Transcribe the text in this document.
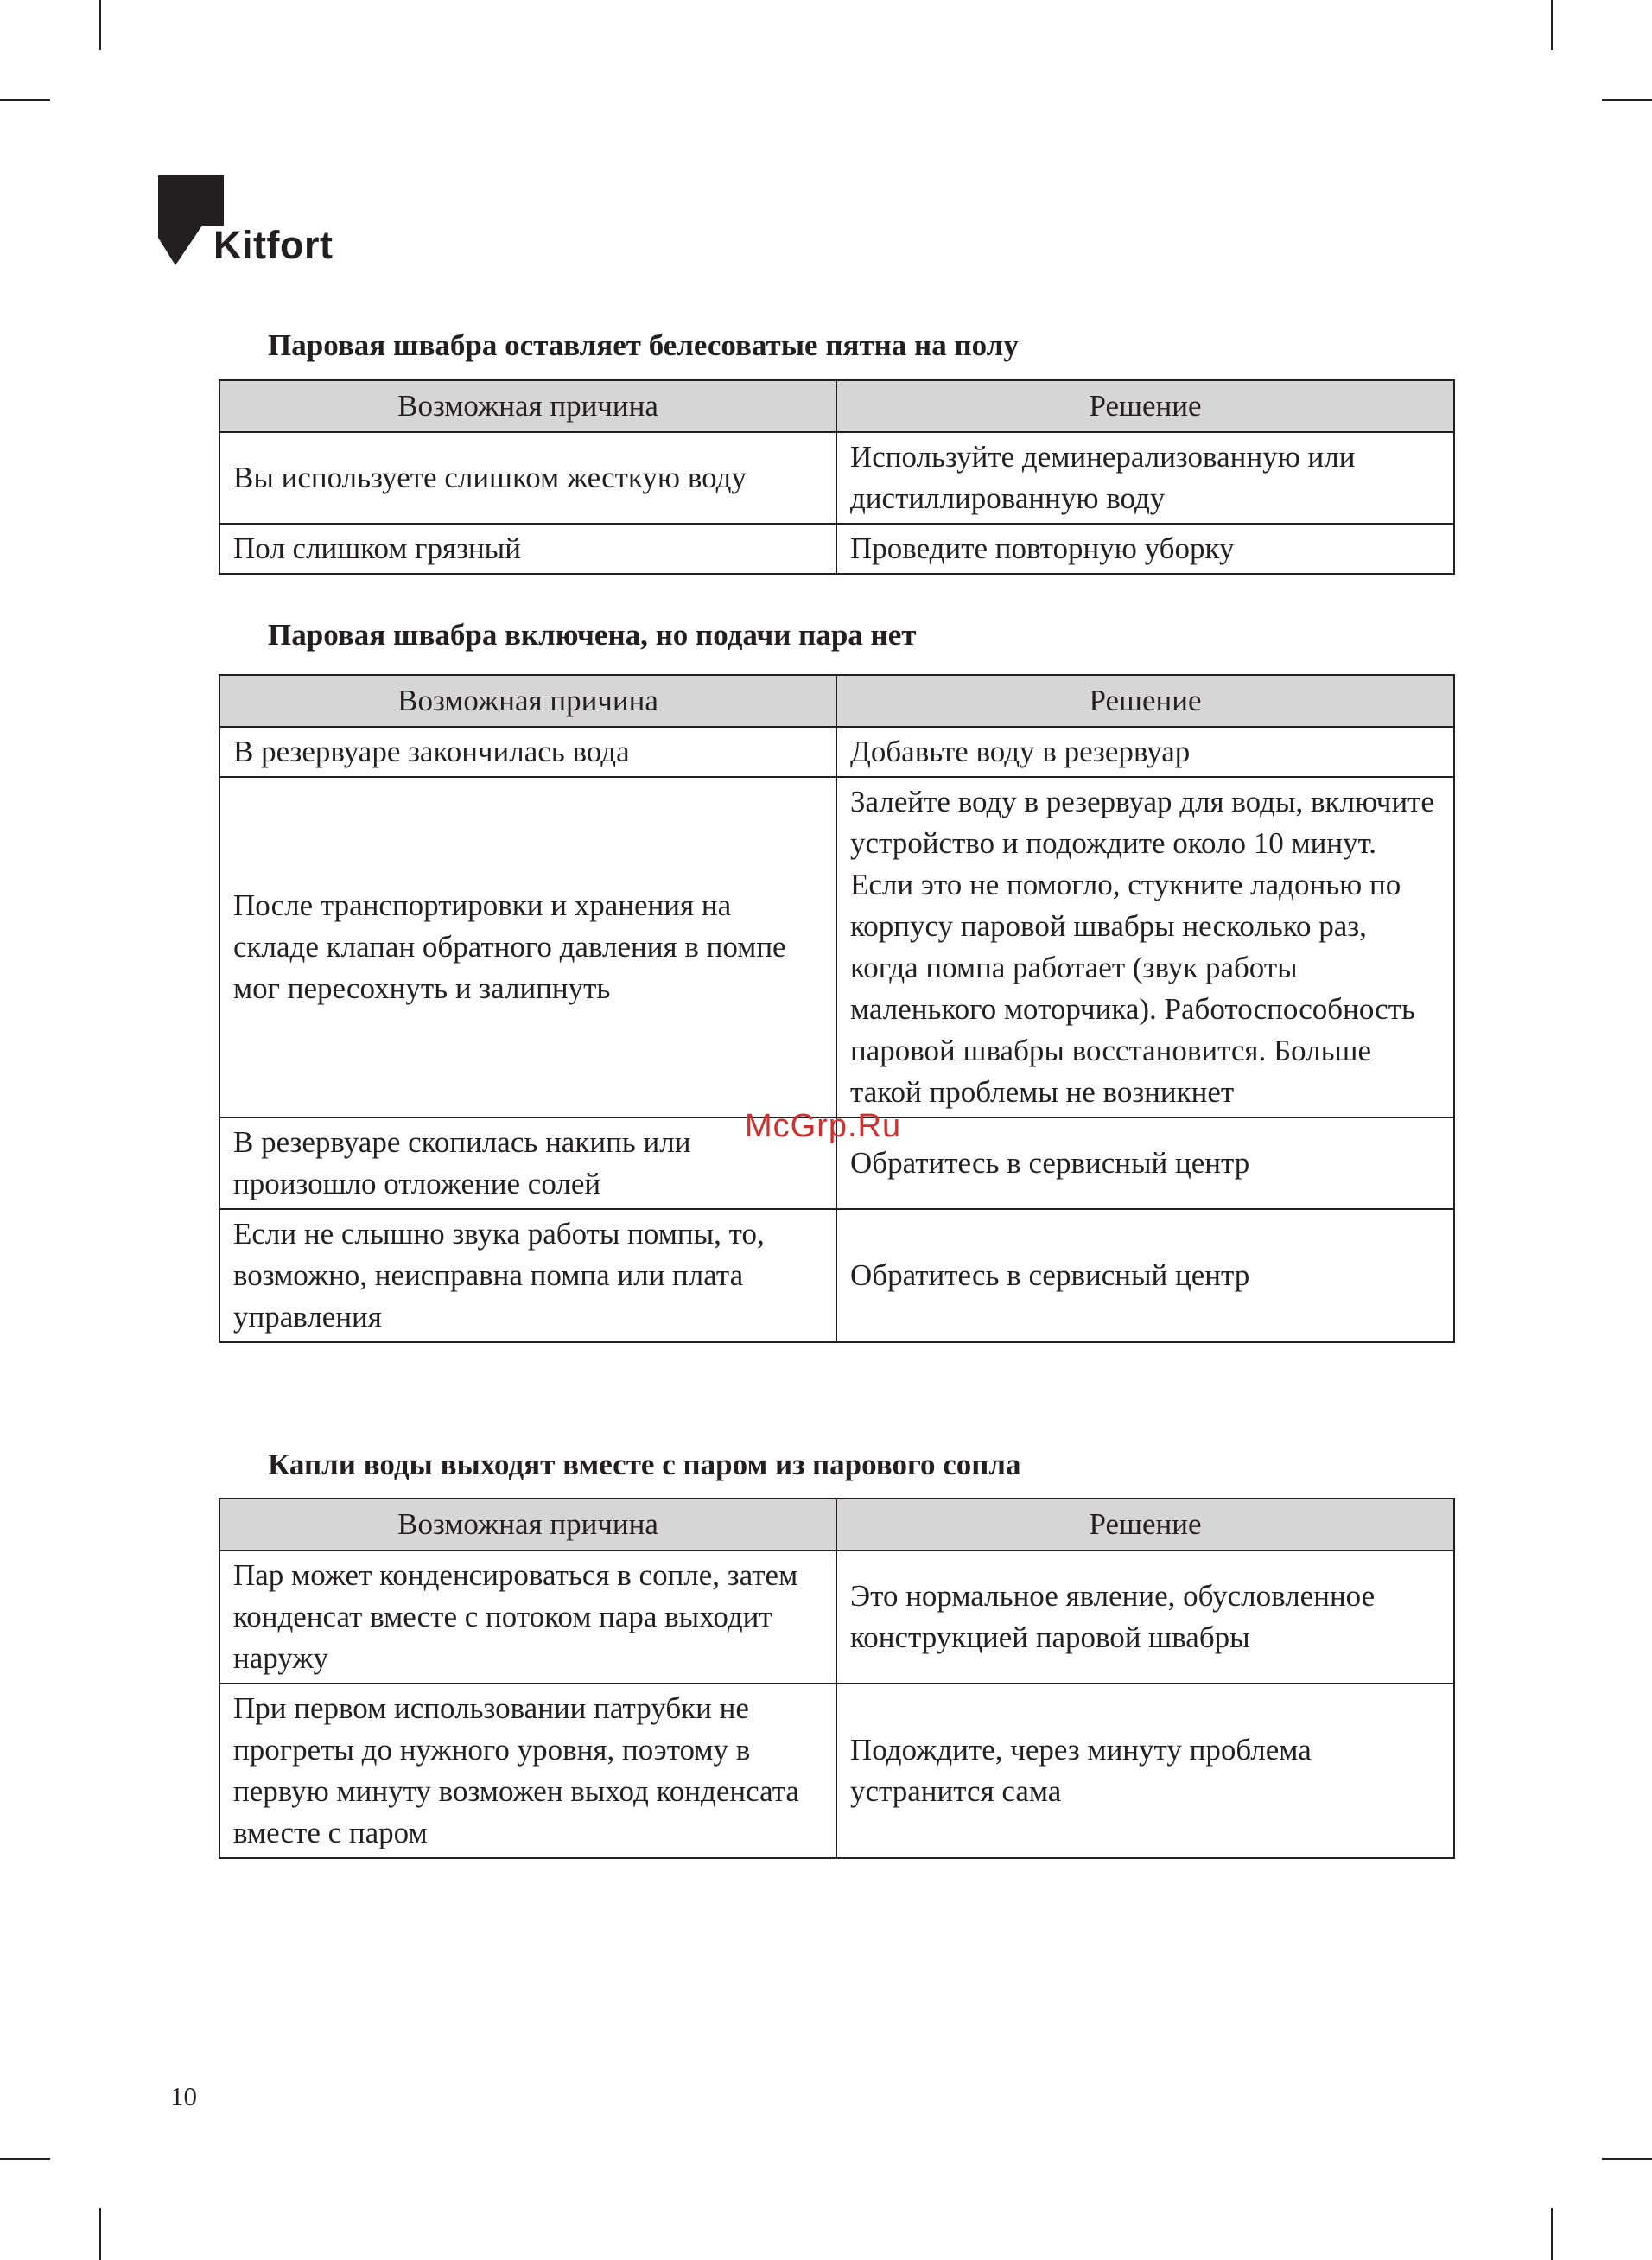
Kitfort
Паровая швабра оставляет белесоватые пятна на полу
Возможная причина	Решение
Вы используете слишком жесткую воду	Используйте деминерализованную или дистиллированную воду
Пол слишком грязный	Проведите повторную уборку
Паровая швабра включена, но подачи пара нет
Возможная причина	Решение
В резервуаре закончилась вода	Добавьте воду в резервуар
После транспортировки и хранения на складе клапан обратного давления в помпе мог пересохнуть и залипнуть	Залейте воду в резервуар для воды, включите устройство и подождите около 10 минут. Если это не помогло, стукните ладонью по корпусу паровой швабры несколько раз, когда помпа работает (звук работы маленького моторчика). Работоспособность паровой швабры восстановится. Больше такой проблемы не возникнет
В резервуаре скопилась накипь или произошло отложение солей	Обратитесь в сервисный центр
Если не слышно звука работы помпы, то, возможно, неисправна помпа или плата управления	Обратитесь в сервисный центр
Капли воды выходят вместе с паром из парового сопла
Возможная причина	Решение
Пар может конденсироваться в сопле, затем конденсат вместе с потоком пара выходит наружу	Это нормальное явление, обусловленное конструкцией паровой швабры
При первом использовании патрубки не прогреты до нужного уровня, поэтому в первую минуту возможен выход конденсата вместе с паром	Подождите, через минуту проблема устранится сама
McGrp.Ru
10
